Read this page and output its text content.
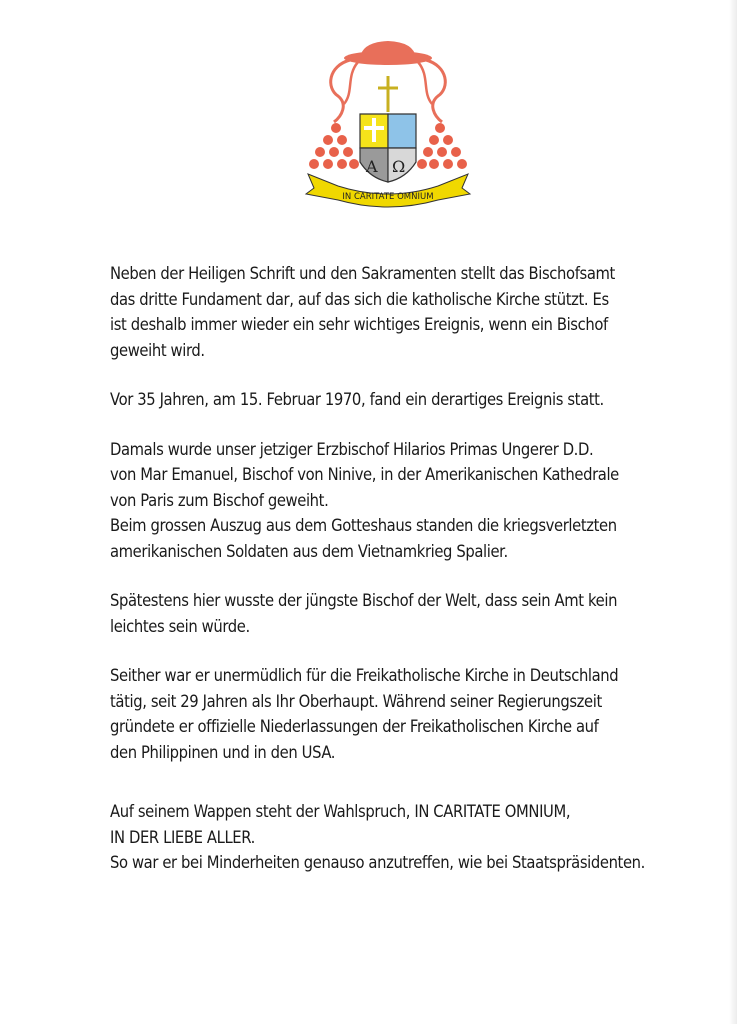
A Ω
IN CARITATE OMNIUM

Neben der Heiligen Schrift und den Sakramenten stellt das Bischofsamt
das dritte Fundament dar, auf das sich die katholische Kirche stützt. Es
ist deshalb immer wieder ein sehr wichtiges Ereignis, wenn ein Bischof
geweiht wird.

Vor 35 Jahren, am 15. Februar 1970, fand ein derartiges Ereignis statt.

Damals wurde unser jetziger Erzbischof Hilarios Primas Ungerer D.D.
von Mar Emanuel, Bischof von Ninive, in der Amerikanischen Kathedrale
von Paris zum Bischof geweiht.
Beim grossen Auszug aus dem Gotteshaus standen die kriegsverletzten
amerikanischen Soldaten aus dem Vietnamkrieg Spalier.

Spätestens hier wusste der jüngste Bischof der Welt, dass sein Amt kein
leichtes sein würde.

Seither war er unermüdlich für die Freikatholische Kirche in Deutschland
tätig, seit 29 Jahren als Ihr Oberhaupt. Während seiner Regierungszeit
gründete er offizielle Niederlassungen der Freikatholischen Kirche auf
den Philippinen und in den USA.

Auf seinem Wappen steht der Wahlspruch, IN CARITATE OMNIUM,
IN DER LIEBE ALLER.
So war er bei Minderheiten genauso anzutreffen, wie bei Staatspräsidenten.
